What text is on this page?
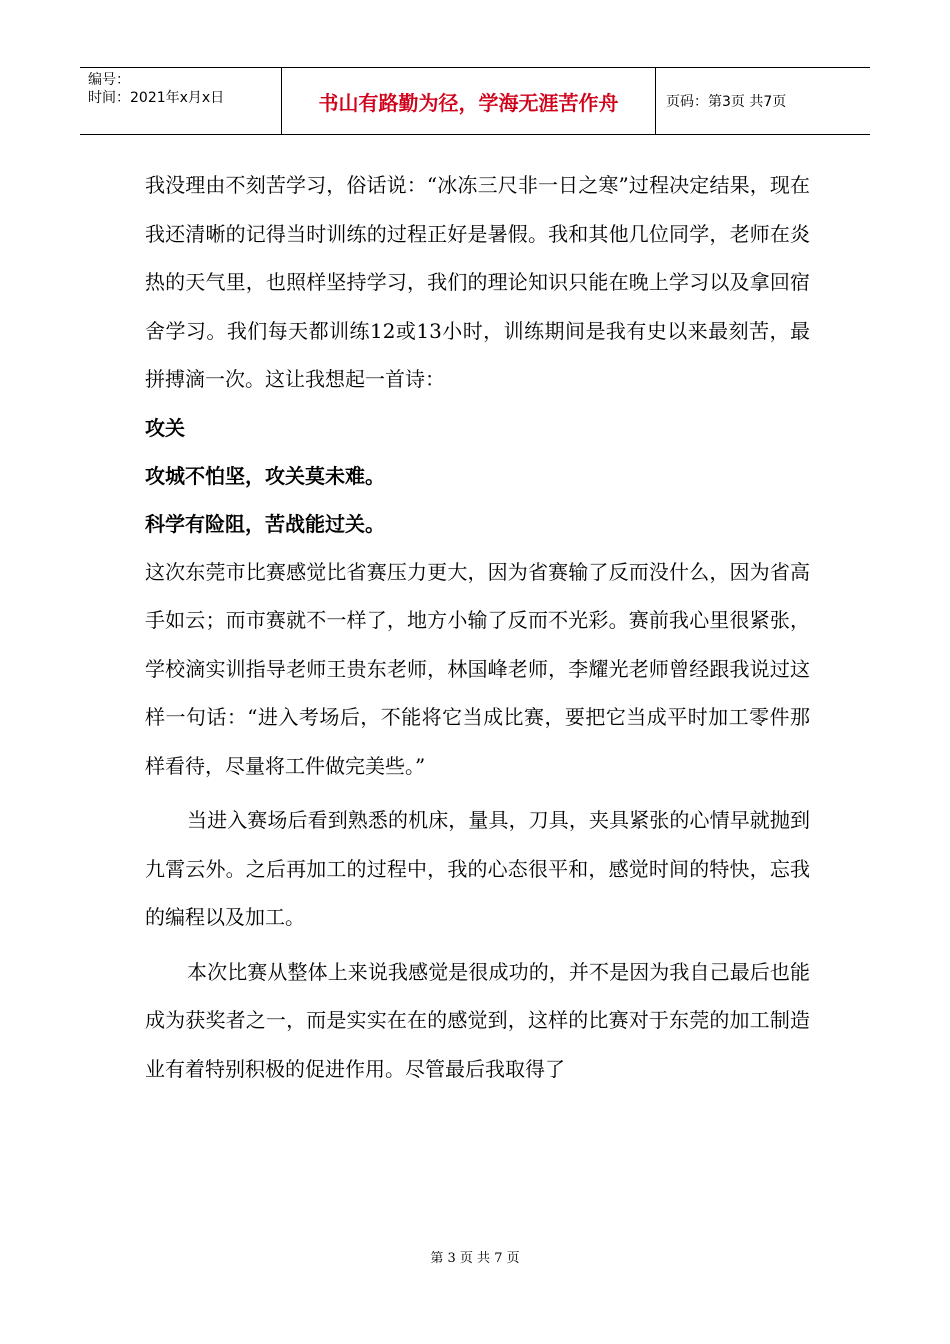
编号：
时间：2021年x月x日	书山有路勤为径，学海无涯苦作舟	页码：第3页 共7页

我没理由不刻苦学习，俗话说：“冰冻三尺非一日之寒”过程决定结果，现在我还清晰的记得当时训练的过程正好是暑假。我和其他几位同学，老师在炎热的天气里，也照样坚持学习，我们的理论知识只能在晚上学习以及拿回宿舍学习。我们每天都训练12或13小时，训练期间是我有史以来最刻苦，最拼搏滴一次。这让我想起一首诗：

攻关

攻城不怕坚，攻关莫未难。

科学有险阻，苦战能过关。

这次东莞市比赛感觉比省赛压力更大，因为省赛输了反而没什么，因为省高手如云；而市赛就不一样了，地方小输了反而不光彩。赛前我心里很紧张，学校滴实训指导老师王贵东老师，林国峰老师，李耀光老师曾经跟我说过这样一句话：“进入考场后，不能将它当成比赛，要把它当成平时加工零件那样看待，尽量将工件做完美些。”

当进入赛场后看到熟悉的机床，量具，刀具，夹具紧张的心情早就抛到九霄云外。之后再加工的过程中，我的心态很平和，感觉时间的特快，忘我的编程以及加工。

本次比赛从整体上来说我感觉是很成功的，并不是因为我自己最后也能成为获奖者之一，而是实实在在的感觉到，这样的比赛对于东莞的加工制造业有着特别积极的促进作用。尽管最后我取得了

第 3 页 共 7 页
